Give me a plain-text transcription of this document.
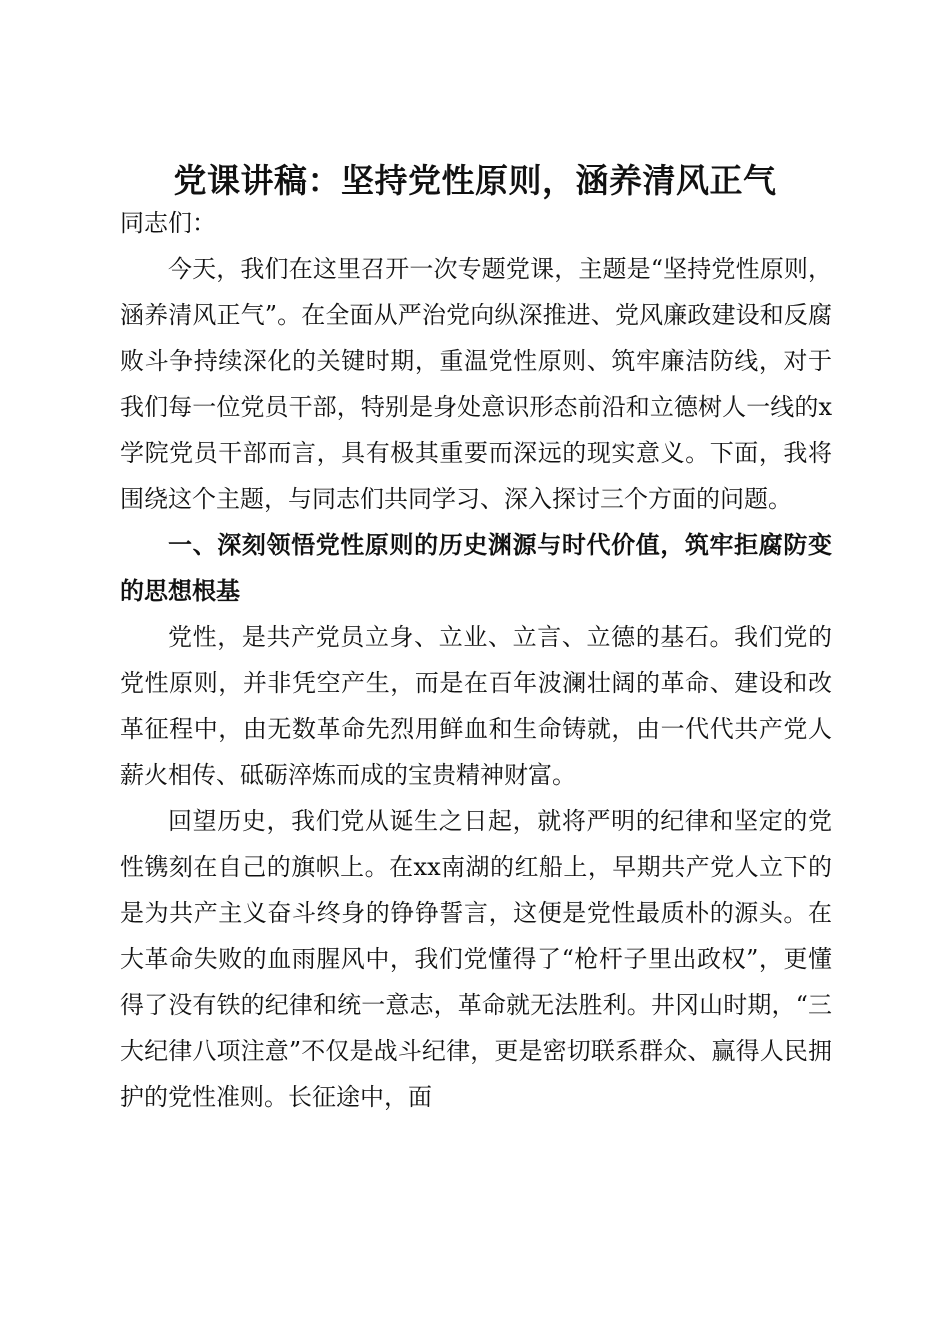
党课讲稿：坚持党性原则，涵养清风正气

同志们：

今天，我们在这里召开一次专题党课，主题是“坚持党性原则，涵养清风正气”。在全面从严治党向纵深推进、党风廉政建设和反腐败斗争持续深化的关键时期，重温党性原则、筑牢廉洁防线，对于我们每一位党员干部，特别是身处意识形态前沿和立德树人一线的x学院党员干部而言，具有极其重要而深远的现实意义。下面，我将围绕这个主题，与同志们共同学习、深入探讨三个方面的问题。

一、深刻领悟党性原则的历史渊源与时代价值，筑牢拒腐防变的思想根基

党性，是共产党员立身、立业、立言、立德的基石。我们党的党性原则，并非凭空产生，而是在百年波澜壮阔的革命、建设和改革征程中，由无数革命先烈用鲜血和生命铸就，由一代代共产党人薪火相传、砥砺淬炼而成的宝贵精神财富。

回望历史，我们党从诞生之日起，就将严明的纪律和坚定的党性镌刻在自己的旗帜上。在xx南湖的红船上，早期共产党人立下的是为共产主义奋斗终身的铮铮誓言，这便是党性最质朴的源头。在大革命失败的血雨腥风中，我们党懂得了“枪杆子里出政权”，更懂得了没有铁的纪律和统一意志，革命就无法胜利。井冈山时期，“三大纪律八项注意”不仅是战斗纪律，更是密切联系群众、赢得人民拥护的党性准则。长征途中，面
